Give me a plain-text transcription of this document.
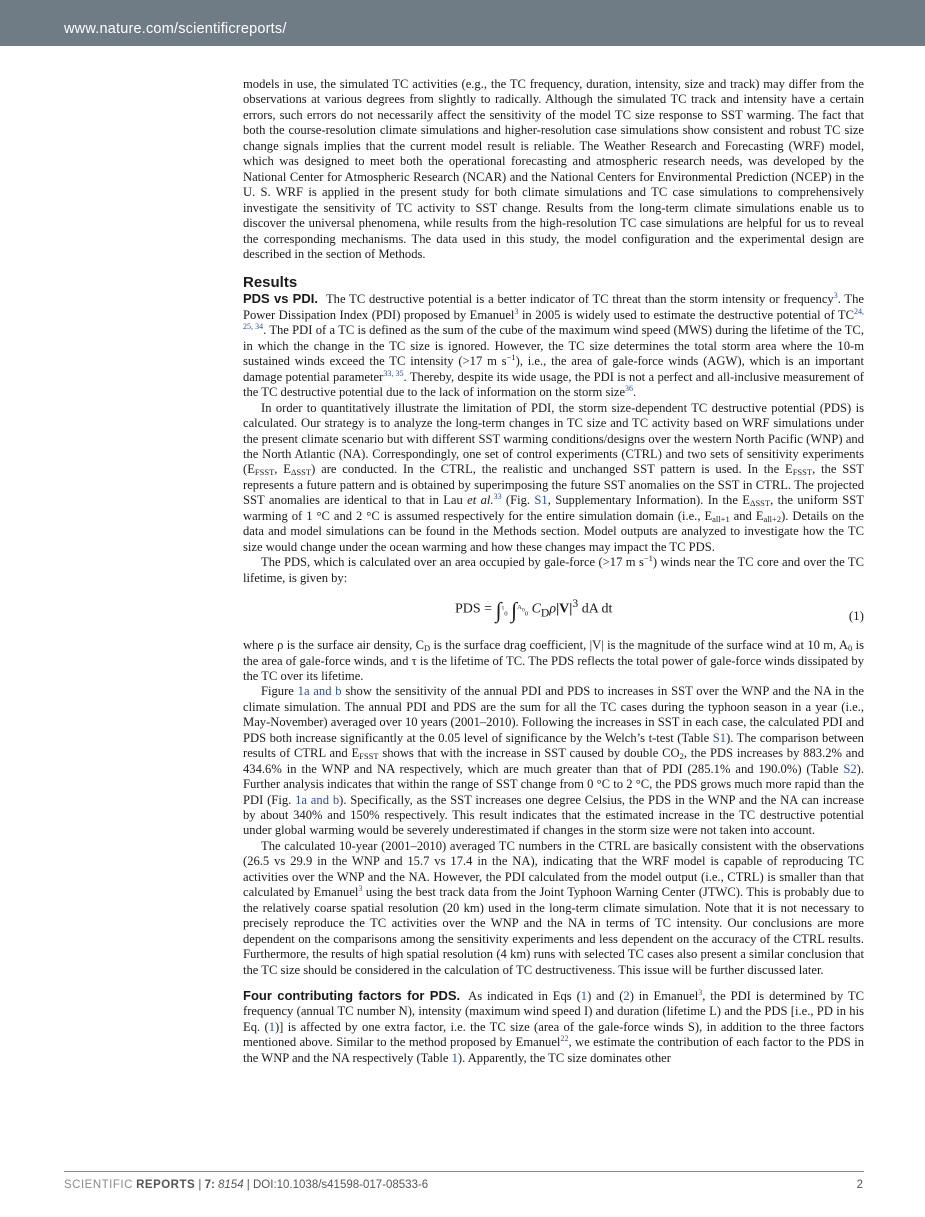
www.nature.com/scientificreports/

models in use, the simulated TC activities (e.g., the TC frequency, duration, intensity, size and track) may differ from the observations at various degrees from slightly to radically. Although the simulated TC track and intensity have a certain errors, such errors do not necessarily affect the sensitivity of the model TC size response to SST warming. The fact that both the course-resolution climate simulations and higher-resolution case simulations show consistent and robust TC size change signals implies that the current model result is reliable. The Weather Research and Forecasting (WRF) model, which was designed to meet both the operational forecasting and atmospheric research needs, was developed by the National Center for Atmospheric Research (NCAR) and the National Centers for Environmental Prediction (NCEP) in the U. S. WRF is applied in the present study for both climate simulations and TC case simulations to comprehensively investigate the sensitivity of TC activity to SST change. Results from the long-term climate simulations enable us to discover the universal phenomena, while results from the high-resolution TC case simulations are helpful for us to reveal the corresponding mechanisms. The data used in this study, the model configuration and the experimental design are described in the section of Methods.

Results

PDS vs PDI. The TC destructive potential is a better indicator of TC threat than the storm intensity or frequency$^3$. The Power Dissipation Index (PDI) proposed by Emanuel$^3$ in 2005 is widely used to estimate the destructive potential of TC$^{24, 25, 34}$. The PDI of a TC is defined as the sum of the cube of the maximum wind speed (MWS) during the lifetime of the TC, in which the change in the TC size is ignored. However, the TC size determines the total storm area where the 10-m sustained winds exceed the TC intensity (>17 m $s^{-1}$), i.e., the area of gale-force winds (AGW), which is an important damage potential parameter$^{33, 35}$. Thereby, despite its wide usage, the PDI is not a perfect and all-inclusive measurement of the TC destructive potential due to the lack of information on the storm size$^{36}$.

In order to quantitatively illustrate the limitation of PDI, the storm size-dependent TC destructive potential (PDS) is calculated. Our strategy is to analyze the long-term changes in TC size and TC activity based on WRF simulations under the present climate scenario but with different SST warming conditions/designs over the western North Pacific (WNP) and the North Atlantic (NA). Correspondingly, one set of control experiments (CTRL) and two sets of sensitivity experiments ($E_{FSST}$, $E_{\Delta SST}$) are conducted. In the CTRL, the realistic and unchanged SST pattern is used. In the $E_{FSST}$, the SST represents a future pattern and is obtained by superimposing the future SST anomalies on the SST in CTRL. The projected SST anomalies are identical to that in Lau et al.$^{33}$ (Fig. S1, Supplementary Information). In the $E_{\Delta SST}$, the uniform SST warming of 1 °C and 2 °C is assumed respectively for the entire simulation domain (i.e., $E_{all+1}$ and $E_{all+2}$). Details on the data and model simulations can be found in the Methods section. Model outputs are analyzed to investigate how the TC size would change under the ocean warming and how these changes may impact the TC PDS.

The PDS, which is calculated over an area occupied by gale-force (>17 m $s^{-1}$) winds near the TC core and over the TC lifetime, is given by:

PDS = ∫$^\tau_0$ ∫$^{A_0}_0$ $C_D\rho|V|^3$ dA dt	(1)

where ρ is the surface air density, $C_D$ is the surface drag coefficient, |V| is the magnitude of the surface wind at 10 m, $A_0$ is the area of gale-force winds, and τ is the lifetime of TC. The PDS reflects the total power of gale-force winds dissipated by the TC over its lifetime.

Figure 1a and b show the sensitivity of the annual PDI and PDS to increases in SST over the WNP and the NA in the climate simulation. The annual PDI and PDS are the sum for all the TC cases during the typhoon season in a year (i.e., May-November) averaged over 10 years (2001–2010). Following the increases in SST in each case, the calculated PDI and PDS both increase significantly at the 0.05 level of significance by the Welch’s t-test (Table S1). The comparison between results of CTRL and $E_{FSST}$ shows that with the increase in SST caused by double $CO_2$, the PDS increases by 883.2% and 434.6% in the WNP and NA respectively, which are much greater than that of PDI (285.1% and 190.0%) (Table S2). Further analysis indicates that within the range of SST change from 0 °C to 2 °C, the PDS grows much more rapid than the PDI (Fig. 1a and b). Specifically, as the SST increases one degree Celsius, the PDS in the WNP and the NA can increase by about 340% and 150% respectively. This result indicates that the estimated increase in the TC destructive potential under global warming would be severely underestimated if changes in the storm size were not taken into account.

The calculated 10-year (2001–2010) averaged TC numbers in the CTRL are basically consistent with the observations (26.5 vs 29.9 in the WNP and 15.7 vs 17.4 in the NA), indicating that the WRF model is capable of reproducing TC activities over the WNP and the NA. However, the PDI calculated from the model output (i.e., CTRL) is smaller than that calculated by Emanuel$^3$ using the best track data from the Joint Typhoon Warning Center (JTWC). This is probably due to the relatively coarse spatial resolution (20 km) used in the long-term climate simulation. Note that it is not necessary to precisely reproduce the TC activities over the WNP and the NA in terms of TC intensity. Our conclusions are more dependent on the comparisons among the sensitivity experiments and less dependent on the accuracy of the CTRL results. Furthermore, the results of high spatial resolution (4 km) runs with selected TC cases also present a similar conclusion that the TC size should be considered in the calculation of TC destructiveness. This issue will be further discussed later.

Four contributing factors for PDS. As indicated in Eqs (1) and (2) in Emanuel$^3$, the PDI is determined by TC frequency (annual TC number N), intensity (maximum wind speed I) and duration (lifetime L) and the PDS [i.e., PD in his Eq. (1)] is affected by one extra factor, i.e. the TC size (area of the gale-force winds S), in addition to the three factors mentioned above. Similar to the method proposed by Emanuel$^{22}$, we estimate the contribution of each factor to the PDS in the WNP and the NA respectively (Table 1). Apparently, the TC size dominates other

SCIENTIFIC REPORTS | 7: 8154 | DOI:10.1038/s41598-017-08533-6	2
